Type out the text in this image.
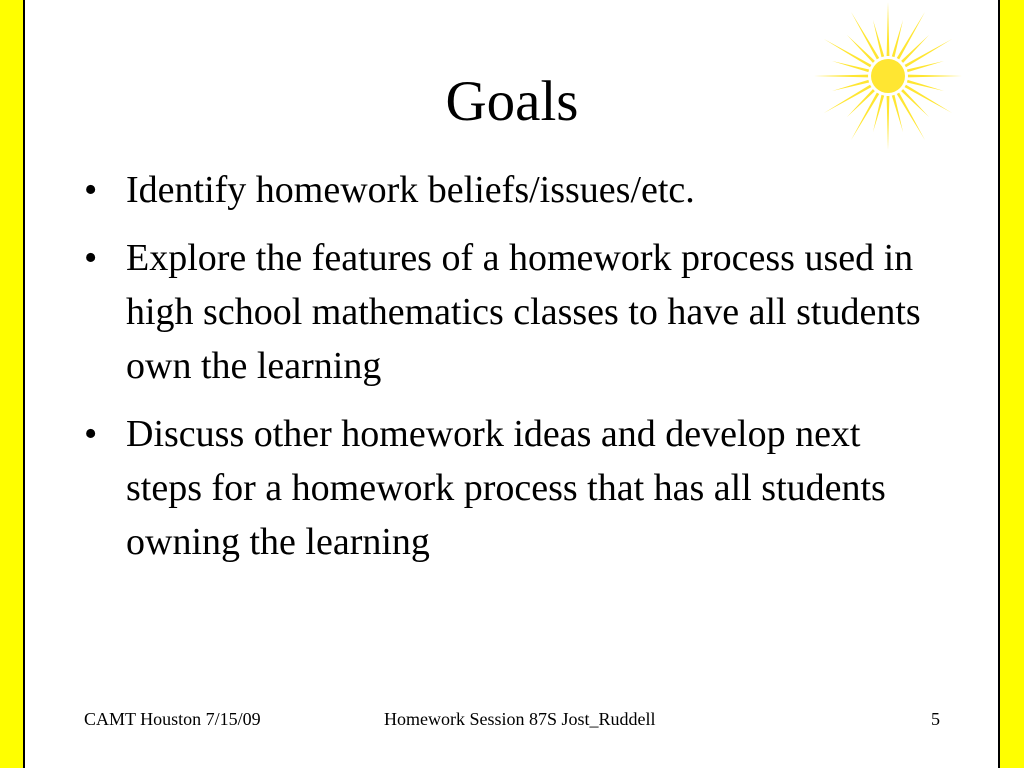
Goals
• Identify homework beliefs/issues/etc.
• Explore the features of a homework process used in high school mathematics classes to have all students own the learning
• Discuss other homework ideas and develop next steps for a homework process that has all students owning the learning
CAMT Houston 7/15/09	Homework Session 87S Jost_Ruddell	5
